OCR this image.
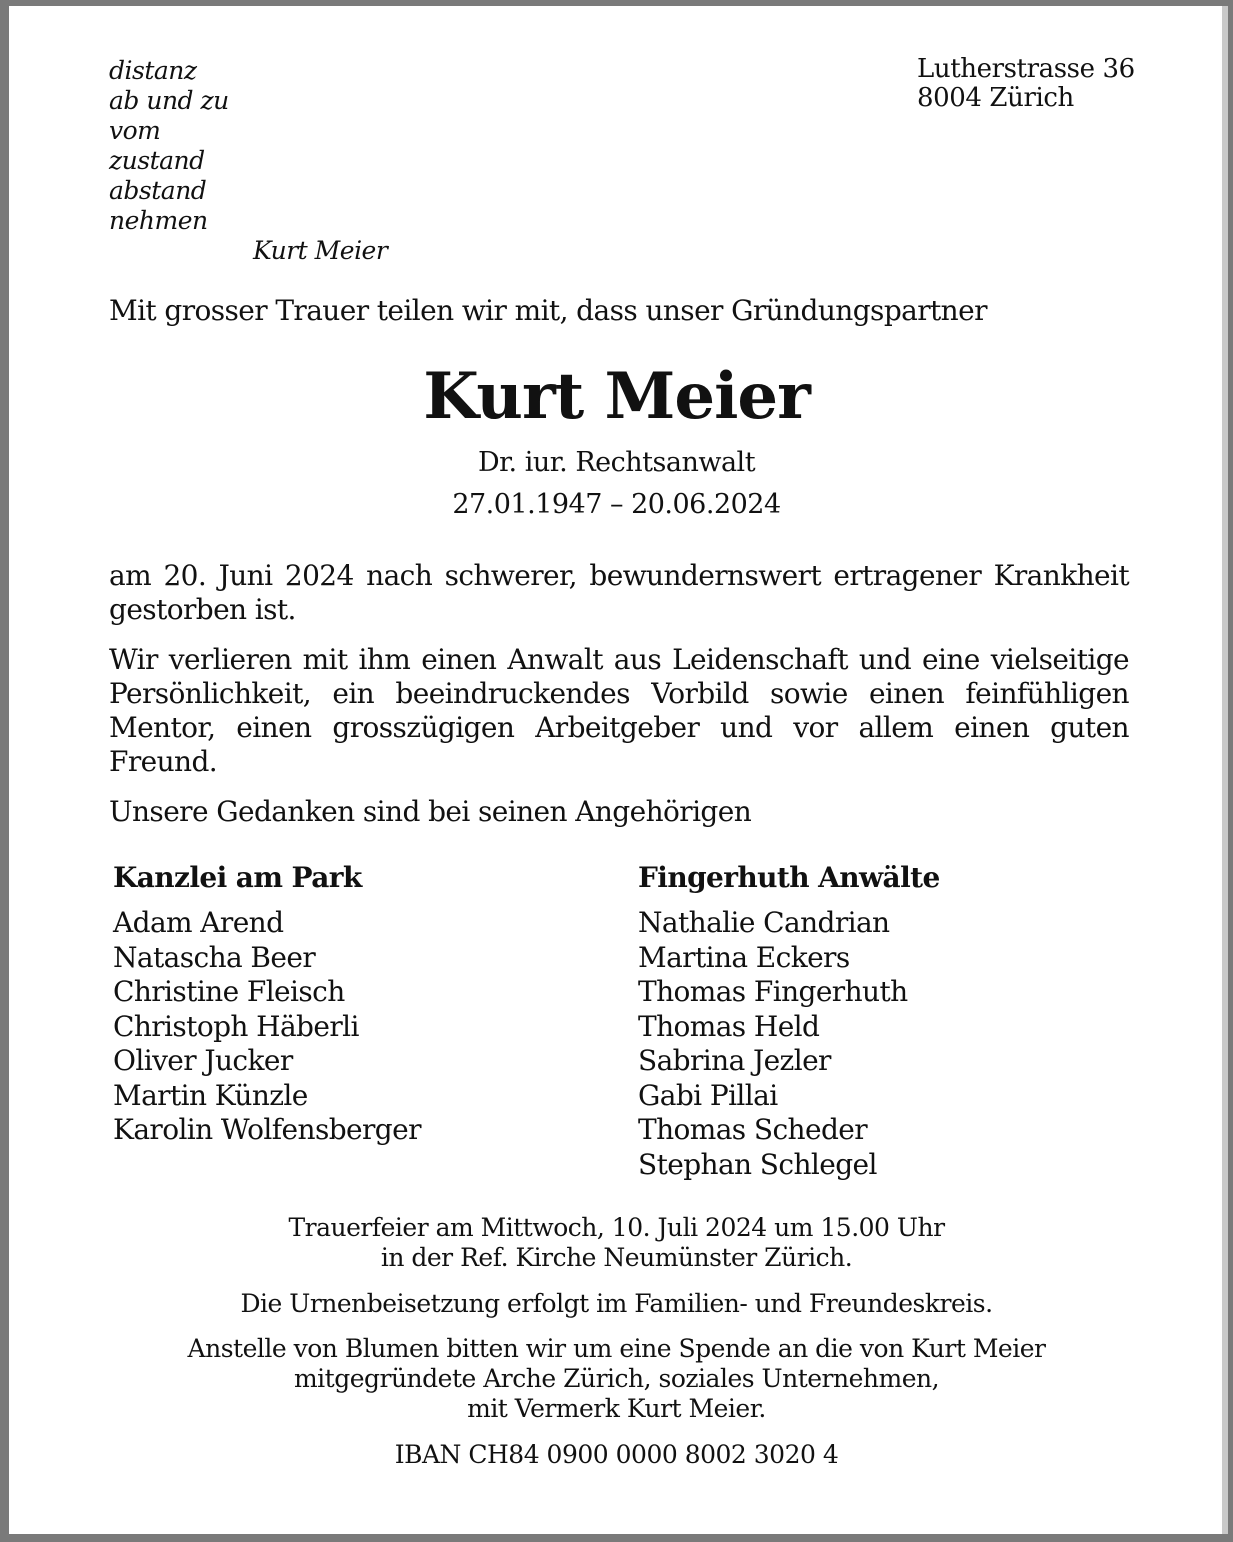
distanz
ab und zu
vom
zustand
abstand
nehmen
Kurt Meier
Lutherstrasse 36
8004 Zürich

Mit grosser Trauer teilen wir mit, dass unser Gründungspartner

Kurt Meier

Dr. iur. Rechtsanwalt

27.01.1947 – 20.06.2024

am 20. Juni 2024 nach schwerer, bewundernswert ertragener Krankheit gestorben ist.

Wir verlieren mit ihm einen Anwalt aus Leidenschaft und eine vielseitige Persönlichkeit, ein beeindruckendes Vorbild sowie einen feinfühligen Mentor, einen grosszügigen Arbeitgeber und vor allem einen guten Freund.

Unsere Gedanken sind bei seinen Angehörigen

Kanzlei am Park
Adam Arend
Natascha Beer
Christine Fleisch
Christoph Häberli
Oliver Jucker
Martin Künzle
Karolin Wolfensberger
Fingerhuth Anwälte
Nathalie Candrian
Martina Eckers
Thomas Fingerhuth
Thomas Held
Sabrina Jezler
Gabi Pillai
Thomas Scheder
Stephan Schlegel
Trauerfeier am Mittwoch, 10. Juli 2024 um 15.00 Uhr
in der Ref. Kirche Neumünster Zürich.
Die Urnenbeisetzung erfolgt im Familien- und Freundeskreis.
Anstelle von Blumen bitten wir um eine Spende an die von Kurt Meier
mitgegründete Arche Zürich, soziales Unternehmen,
mit Vermerk Kurt Meier.
IBAN CH84 0900 0000 8002 3020 4
